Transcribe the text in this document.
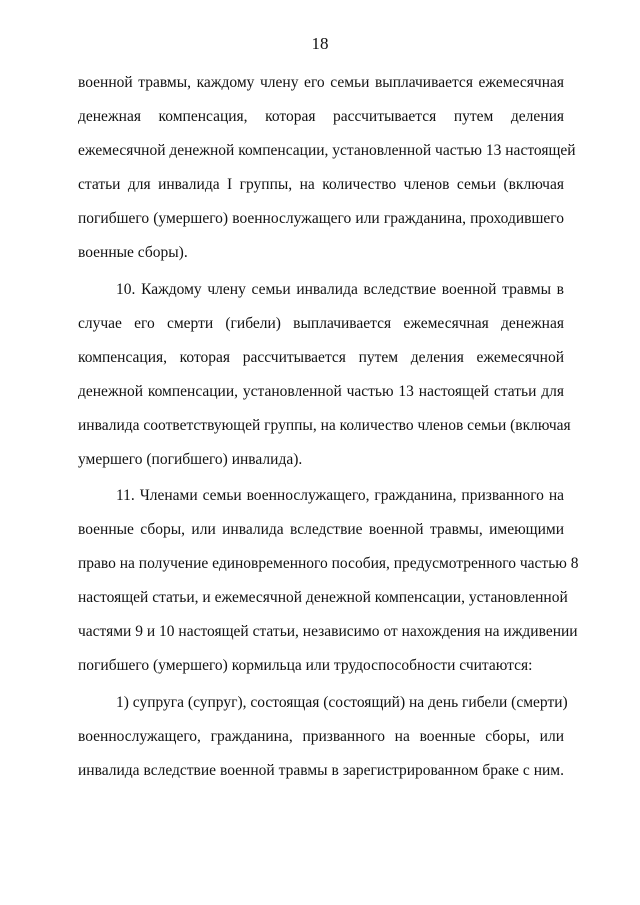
18
военной травмы, каждому члену его семьи выплачивается ежемесячная
денежная компенсация, которая рассчитывается путем деления
ежемесячной денежной компенсации, установленной частью 13 настоящей
статьи для инвалида I группы, на количество членов семьи (включая
погибшего (умершего) военнослужащего или гражданина, проходившего
военные сборы).
10. Каждому члену семьи инвалида вследствие военной травмы в
случае его смерти (гибели) выплачивается ежемесячная денежная
компенсация, которая рассчитывается путем деления ежемесячной
денежной компенсации, установленной частью 13 настоящей статьи для
инвалида соответствующей группы, на количество членов семьи (включая
умершего (погибшего) инвалида).
11. Членами семьи военнослужащего, гражданина, призванного на
военные сборы, или инвалида вследствие военной травмы, имеющими
право на получение единовременного пособия, предусмотренного частью 8
настоящей статьи, и ежемесячной денежной компенсации, установленной
частями 9 и 10 настоящей статьи, независимо от нахождения на иждивении
погибшего (умершего) кормильца или трудоспособности считаются:
1) супруга (супруг), состоящая (состоящий) на день гибели (смерти)
военнослужащего, гражданина, призванного на военные сборы, или
инвалида вследствие военной травмы в зарегистрированном браке с ним.
